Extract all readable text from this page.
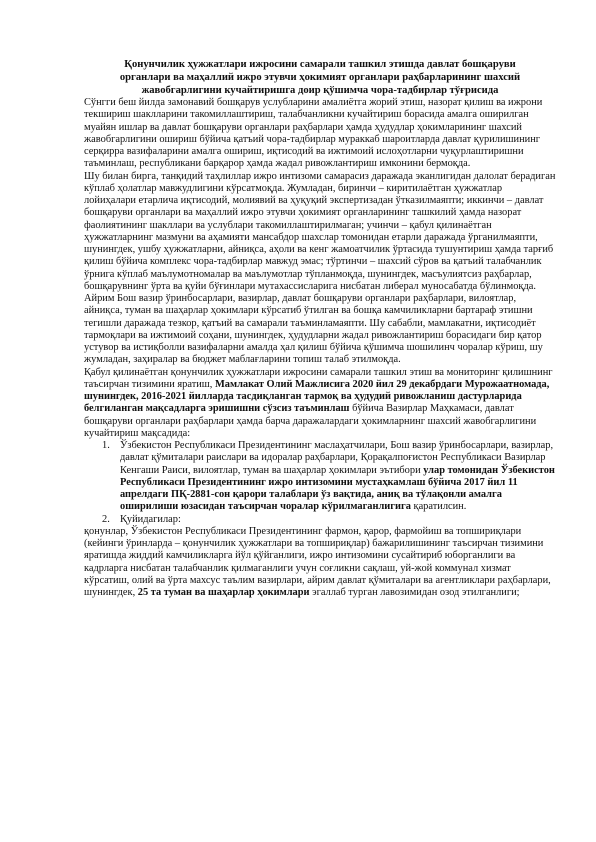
Қонунчилик ҳужжатлари ижросини самарали ташкил этишда давлат бошқаруви
органлари ва маҳаллий ижро этувчи ҳокимият органлари раҳбарларининг шахсий
жавобгарлигини кучайтиришга доир қўшимча чора-тадбирлар тўғрисида

Сўнгги беш йилда замонавий бошқарув услубларини амалиётга жорий этиш, назорат қилиш ва ижрони текшириш шаклларини такомиллаштириш, талабчанликни кучайтириш борасида амалга оширилган муайян ишлар ва давлат бошқаруви органлари раҳбарлари ҳамда ҳудудлар ҳокимларининг шахсий жавобгарлигини ошириш бўйича қатъий чора-тадбирлар мураккаб шароитларда давлат қурилишининг серқирра вазифаларини амалга ошириш, иқтисодий ва ижтимоий ислоҳотларни чуқурлаштиришни таъминлаш, республикани барқарор ҳамда жадал ривожлантириш имконини бермоқда.

Шу билан бирга, танқидий таҳлиллар ижро интизоми самарасиз даражада эканлигидан далолат берадиган кўплаб ҳолатлар мавжудлигини кўрсатмоқда. Жумладан, биринчи – киритилаётган ҳужжатлар лойиҳалари етарлича иқтисодий, молиявий ва ҳуқуқий экспертизадан ўтказилмаяпти; иккинчи – давлат бошқаруви органлари ва маҳаллий ижро этувчи ҳокимият органларининг ташкилий ҳамда назорат фаолиятининг шакллари ва услублари такомиллаштирилмаган; учинчи – қабул қилинаётган ҳужжатларнинг мазмуни ва аҳамияти мансабдор шахслар томонидан етарли даражада ўрганилмаяпти, шунингдек, ушбу ҳужжатларни, айниқса, аҳоли ва кенг жамоатчилик ўртасида тушунтириш ҳамда тарғиб қилиш бўйича комплекс чора-тадбирлар мавжуд эмас; тўртинчи – шахсий сўров ва қатъий талабчанлик ўрнига кўплаб маълумотномалар ва маълумотлар тўпланмоқда, шунингдек, масъулиятсиз раҳбарлар, бошқарувнинг ўрта ва қуйи бўғинлари мутахассисларига нисбатан либерал муносабатда бўлинмоқда.

Айрим Бош вазир ўринбосарлари, вазирлар, давлат бошқаруви органлари раҳбарлари, вилоятлар, айниқса, туман ва шаҳарлар ҳокимлари кўрсатиб ўтилган ва бошқа камчиликларни бартараф этишни тегишли даражада тезкор, қатъий ва самарали таъминламаяпти. Шу сабабли, мамлакатни, иқтисодиёт тармоқлари ва ижтимоий соҳани, шунингдек, ҳудудларни жадал ривожлантириш борасидаги бир қатор устувор ва истиқболли вазифаларни амалда ҳал қилиш бўйича қўшимча шошилинч чоралар кўриш, шу жумладан, заҳиралар ва бюджет маблағларини топиш талаб этилмоқда.

Қабул қилинаётган қонунчилик ҳужжатлари ижросини самарали ташкил этиш ва мониторинг қилишнинг таъсирчан тизимини яратиш, Мамлакат Олий Мажлисига 2020 йил 29 декабрдаги Мурожаатномада, шунингдек, 2016-2021 йилларда тасдиқланган тармоқ ва ҳудудий ривожланиш дастурларида белгиланган мақсадларга эришишни сўзсиз таъминлаш бўйича Вазирлар Маҳкамаси, давлат бошқаруви органлари раҳбарлари ҳамда барча даражалардаги ҳокимларнинг шахсий жавобгарлигини кучайтириш мақсадида:

1. Ўзбекистон Республикаси Президентининг маслаҳатчилари, Бош вазир ўринбосарлари, вазирлар, давлат қўмиталари раислари ва идоралар раҳбарлари, Қорақалпоғистон Республикаси Вазирлар Кенгаши Раиси, вилоятлар, туман ва шаҳарлар ҳокимлари эътибори улар томонидан Ўзбекистон Республикаси Президентининг ижро интизомини мустаҳкамлаш бўйича 2017 йил 11 апрелдаги ПҚ-2881-сон қарори талаблари ўз вақтида, аниқ ва тўлақонли амалга оширилиши юзасидан таъсирчан чоралар кўрилмаганлигига қаратилсин.
2. Қуйидагилар:

қонунлар, Ўзбекистон Республикаси Президентининг фармон, қарор, фармойиш ва топшириқлари (кейинги ўринларда – қонунчилик ҳужжатлари ва топшириқлар) бажарилишининг таъсирчан тизимини яратишда жиддий камчиликларга йўл қўйганлиги, ижро интизомини сусайтириб юборганлиги ва кадрларга нисбатан талабчанлик қилмаганлиги учун соғликни сақлаш, уй-жой коммунал хизмат кўрсатиш, олий ва ўрта махсус таълим вазирлари, айрим давлат қўмиталари ва агентликлари раҳбарлари, шунингдек, 25 та туман ва шаҳарлар ҳокимлари эгаллаб турган лавозимидан озод этилганлиги;
